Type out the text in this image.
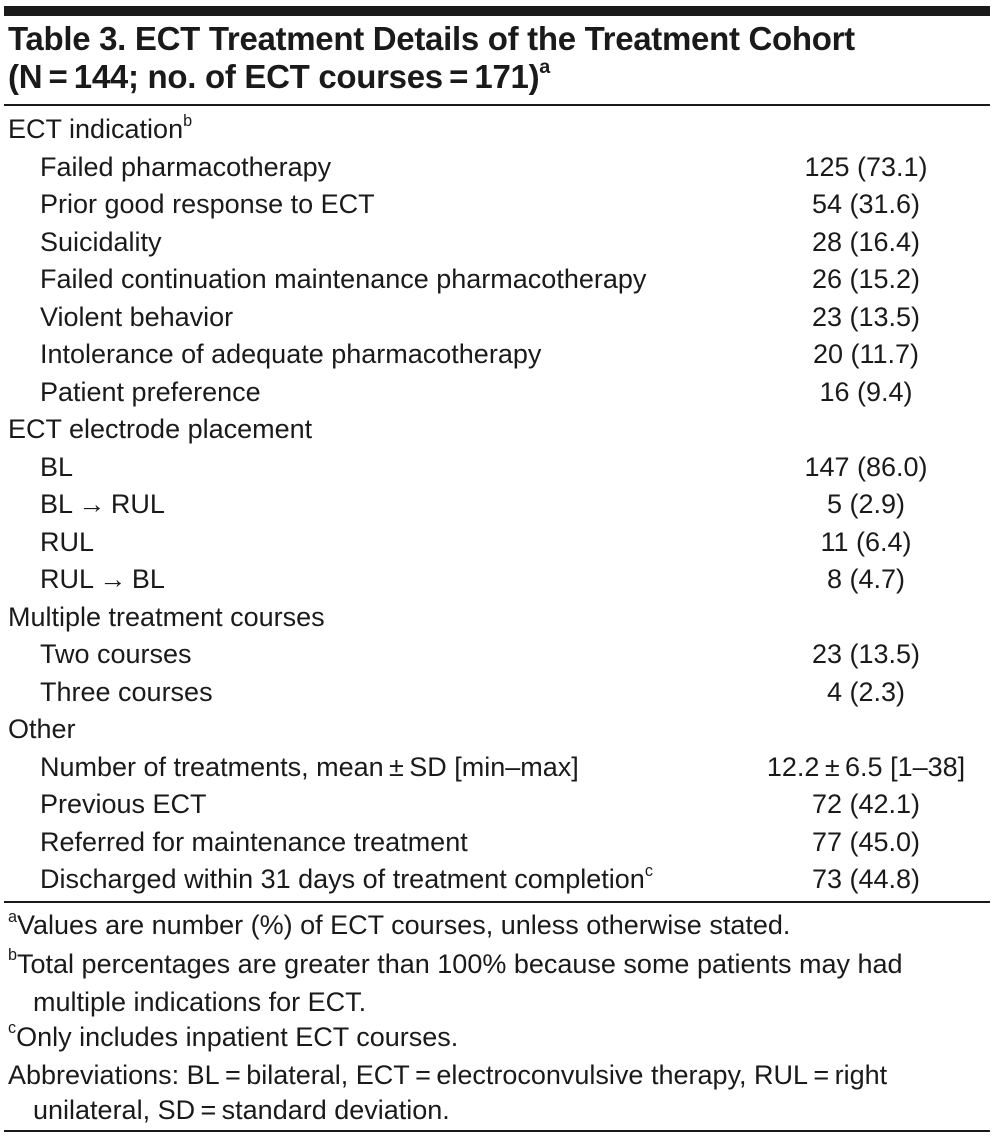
Table 3. ECT Treatment Details of the Treatment Cohort
(N = 144; no. of ECT courses = 171)$^a$
ECT indication$^b$
Failed pharmacotherapy	125 (73.1)
Prior good response to ECT	54 (31.6)
Suicidality	28 (16.4)
Failed continuation maintenance pharmacotherapy	26 (15.2)
Violent behavior	23 (13.5)
Intolerance of adequate pharmacotherapy	20 (11.7)
Patient preference	16 (9.4)
ECT electrode placement
BL	147 (86.0)
BL → RUL	5 (2.9)
RUL	11 (6.4)
RUL → BL	8 (4.7)
Multiple treatment courses
Two courses	23 (13.5)
Three courses	4 (2.3)
Other
Number of treatments, mean ± SD [min–max]	12.2 ± 6.5 [1–38]
Previous ECT	72 (42.1)
Referred for maintenance treatment	77 (45.0)
Discharged within 31 days of treatment completion$^c$	73 (44.8)
$^a$Values are number (%) of ECT courses, unless otherwise stated.
$^b$Total percentages are greater than 100% because some patients may had multiple indications for ECT.
$^c$Only includes inpatient ECT courses.
Abbreviations: BL = bilateral, ECT = electroconvulsive therapy, RUL = right unilateral, SD = standard deviation.
